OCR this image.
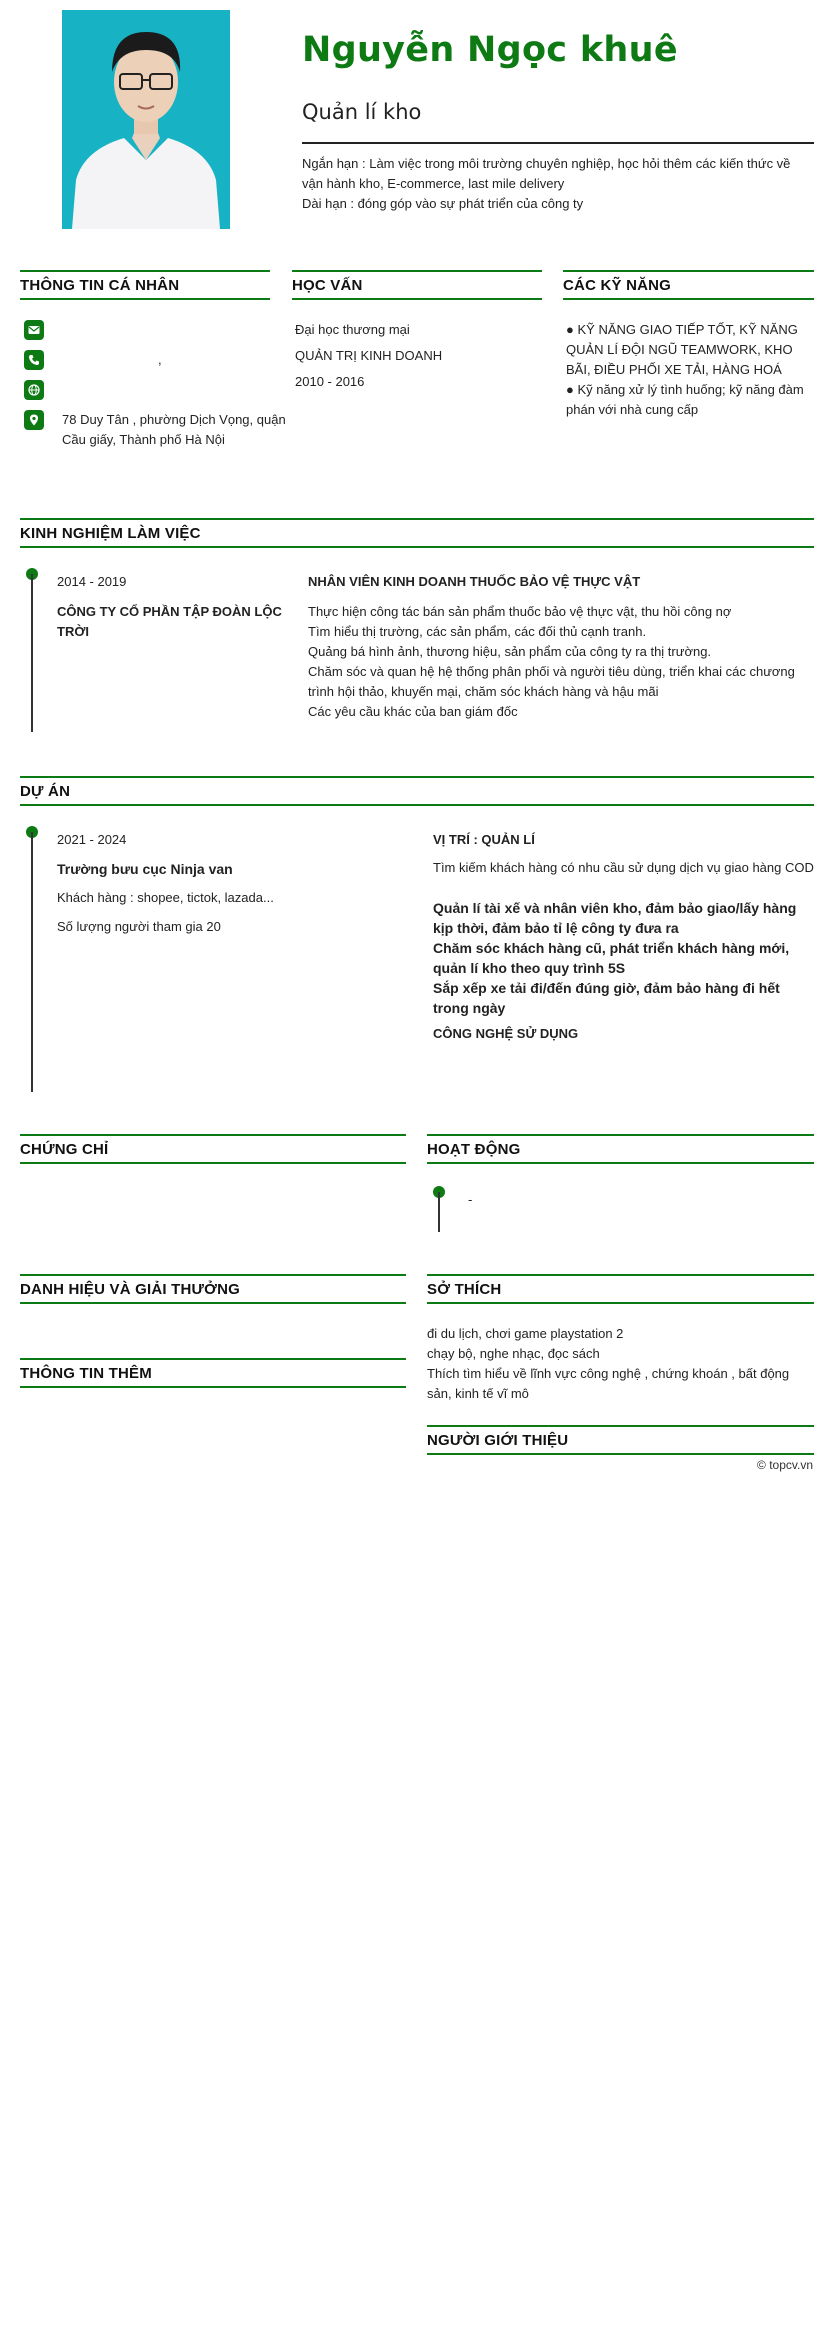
Nguyễn Ngọc khuê
Quản lí kho
Ngắn hạn : Làm việc trong môi trường chuyên nghiệp, học hỏi thêm các kiến thức về vận hành kho, E-commerce, last mile delivery
Dài hạn : đóng góp vào sự phát triển của công ty
THÔNG TIN CÁ NHÂN	HỌC VẤN	CÁC KỸ NĂNG
,
78 Duy Tân , phường Dịch Vọng, quận Cầu giấy, Thành phố Hà Nội
Đại học thương mại
QUẢN TRỊ KINH DOANH
2010 - 2016
● KỸ NĂNG GIAO TIẾP TỐT, KỸ NĂNG QUẢN LÍ ĐỘI NGŨ TEAMWORK, KHO BÃI, ĐIỀU PHỐI XE TẢI, HÀNG HOÁ
● Kỹ năng xử lý tình huống; kỹ năng đàm phán với nhà cung cấp
KINH NGHIỆM LÀM VIỆC
2014 - 2019
CÔNG TY CỔ PHẦN TẬP ĐOÀN LỘC TRỜI
NHÂN VIÊN KINH DOANH THUỐC BẢO VỆ THỰC VẬT
Thực hiện công tác bán sản phẩm thuốc bảo vệ thực vật, thu hồi công nợ
Tìm hiểu thị trường, các sản phẩm, các đối thủ cạnh tranh.
Quảng bá hình ảnh, thương hiệu, sản phẩm của công ty ra thị trường.
Chăm sóc và quan hệ hệ thống phân phối và người tiêu dùng, triển khai các chương trình hội thảo, khuyến mại, chăm sóc khách hàng và hậu mãi
Các yêu cầu khác của ban giám đốc
DỰ ÁN
2021 - 2024
Trường bưu cục Ninja van
Khách hàng : shopee, tictok, lazada...
Số lượng người tham gia 20
VỊ TRÍ : QUẢN LÍ
Tìm kiếm khách hàng có nhu cầu sử dụng dịch vụ giao hàng COD
Quản lí tài xế và nhân viên kho, đảm bảo giao/lấy hàng kịp thời, đảm bảo tỉ lệ công ty đưa ra
Chăm sóc khách hàng cũ, phát triển khách hàng mới, quản lí kho theo quy trình 5S
Sắp xếp xe tải đi/đến đúng giờ, đảm bảo hàng đi hết trong ngày
CÔNG NGHỆ SỬ DỤNG
CHỨNG CHỈ	HOẠT ĐỘNG
-
DANH HIỆU VÀ GIẢI THƯỞNG	SỞ THÍCH
đi du lịch, chơi game playstation 2
chạy bộ, nghe nhạc, đọc sách
Thích tìm hiểu về lĩnh vực công nghệ , chứng khoán , bất động sản, kinh tế vĩ mô
THÔNG TIN THÊM
NGƯỜI GIỚI THIỆU
© topcv.vn
